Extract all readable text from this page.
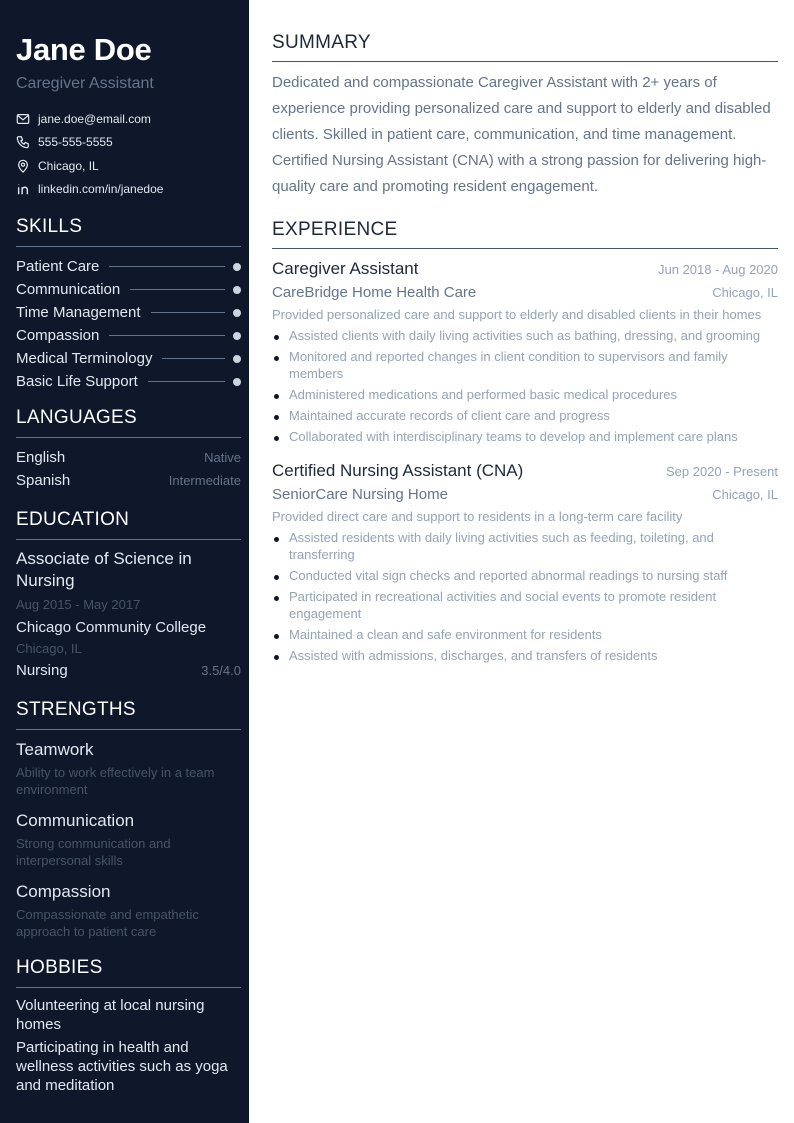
Jane Doe
Caregiver Assistant
jane.doe@email.com
555-555-5555
Chicago, IL
linkedin.com/in/janedoe
SKILLS
Patient Care
Communication
Time Management
Compassion
Medical Terminology
Basic Life Support
LANGUAGES
English	Native
Spanish	Intermediate
EDUCATION
Associate of Science in Nursing
Aug 2015 - May 2017
Chicago Community College
Chicago, IL
Nursing	3.5/4.0
STRENGTHS
Teamwork
Ability to work effectively in a team environment
Communication
Strong communication and interpersonal skills
Compassion
Compassionate and empathetic approach to patient care
HOBBIES
Volunteering at local nursing homes
Participating in health and wellness activities such as yoga and meditation
SUMMARY

Dedicated and compassionate Caregiver Assistant with 2+ years of experience providing personalized care and support to elderly and disabled clients. Skilled in patient care, communication, and time management. Certified Nursing Assistant (CNA) with a strong passion for delivering high-quality care and promoting resident engagement.

EXPERIENCE
Caregiver Assistant	Jun 2018 - Aug 2020
CareBridge Home Health Care	Chicago, IL
Provided personalized care and support to elderly and disabled clients in their homes
Assisted clients with daily living activities such as bathing, dressing, and grooming
Monitored and reported changes in client condition to supervisors and family members
Administered medications and performed basic medical procedures
Maintained accurate records of client care and progress
Collaborated with interdisciplinary teams to develop and implement care plans
Certified Nursing Assistant (CNA)	Sep 2020 - Present
SeniorCare Nursing Home	Chicago, IL
Provided direct care and support to residents in a long-term care facility
Assisted residents with daily living activities such as feeding, toileting, and transferring
Conducted vital sign checks and reported abnormal readings to nursing staff
Participated in recreational activities and social events to promote resident engagement
Maintained a clean and safe environment for residents
Assisted with admissions, discharges, and transfers of residents
